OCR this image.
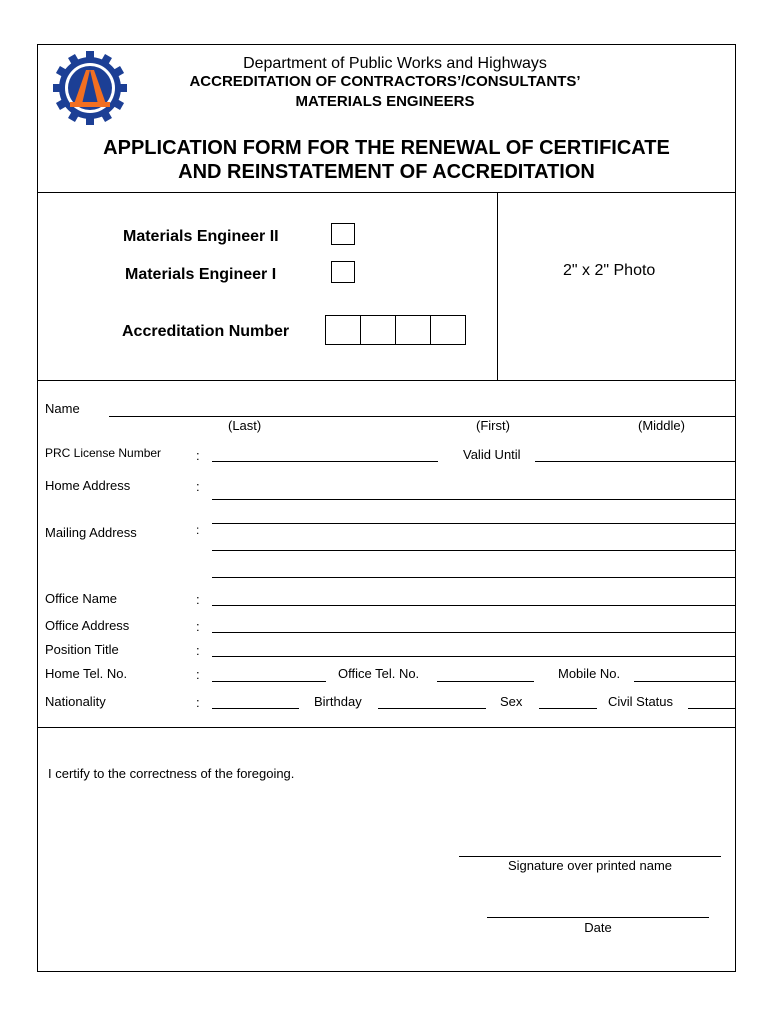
Department of Public Works and Highways
ACCREDITATION OF CONTRACTORS’/CONSULTANTS’
MATERIALS ENGINEERS
APPLICATION FORM FOR THE RENEWAL OF CERTIFICATE
AND REINSTATEMENT OF ACCREDITATION
Materials Engineer II
Materials Engineer I
Accreditation Number
2" x 2" Photo
Name
(Last)	(First)	(Middle)
PRC License Number	:	Valid Until
Home Address	:
Mailing Address	:
Office Name	:
Office Address	:
Position Title	:
Home Tel. No.	:	Office Tel. No.	Mobile No.
Nationality	:	Birthday	Sex	Civil Status
I certify to the correctness of the foregoing.
Signature over printed name
Date
